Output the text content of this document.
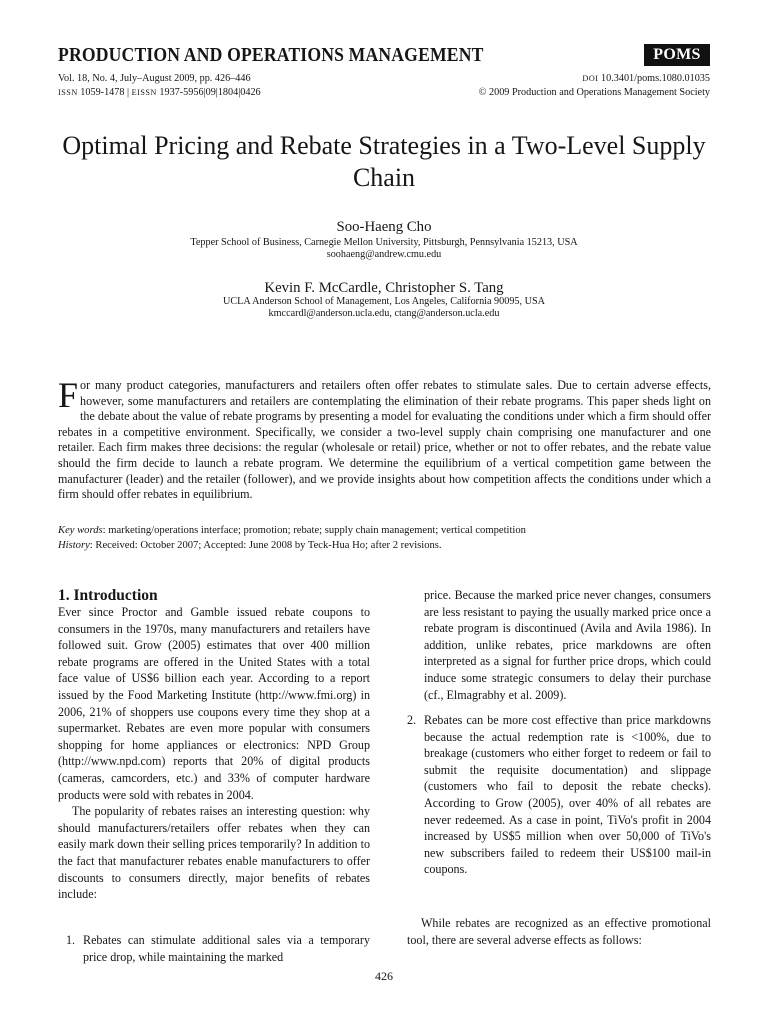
PRODUCTION AND OPERATIONS MANAGEMENT	POMS
Vol. 18, No. 4, July–August 2009, pp. 426–446
ISSN 1059-1478 | EISSN 1937-5956|09|1804|0426
DOI 10.3401/poms.1080.01035
© 2009 Production and Operations Management Society
Optimal Pricing and Rebate Strategies in a Two-Level Supply Chain
Soo-Haeng Cho
Tepper School of Business, Carnegie Mellon University, Pittsburgh, Pennsylvania 15213, USA
soohaeng@andrew.cmu.edu
Kevin F. McCardle, Christopher S. Tang
UCLA Anderson School of Management, Los Angeles, California 90095, USA
kmccardl@anderson.ucla.edu, ctang@anderson.ucla.edu
For many product categories, manufacturers and retailers often offer rebates to stimulate sales. Due to certain adverse effects, however, some manufacturers and retailers are contemplating the elimination of their rebate programs. This paper sheds light on the debate about the value of rebate programs by presenting a model for evaluating the conditions under which a firm should offer rebates in a competitive environment. Specifically, we consider a two-level supply chain comprising one manufacturer and one retailer. Each firm makes three decisions: the regular (wholesale or retail) price, whether or not to offer rebates, and the rebate value should the firm decide to launch a rebate program. We determine the equilibrium of a vertical competition game between the manufacturer (leader) and the retailer (follower), and we provide insights about how competition affects the conditions under which a firm should offer rebates in equilibrium.
Key words: marketing/operations interface; promotion; rebate; supply chain management; vertical competition
History: Received: October 2007; Accepted: June 2008 by Teck-Hua Ho; after 2 revisions.
1. Introduction

Ever since Proctor and Gamble issued rebate coupons to consumers in the 1970s, many manufacturers and retailers have followed suit. Grow (2005) estimates that over 400 million rebate programs are offered in the United States with a total face value of US$6 billion each year. According to a report issued by the Food Marketing Institute (http://www.fmi.org) in 2006, 21% of shoppers use coupons every time they shop at a supermarket. Rebates are even more popular with consumers shopping for home appliances or electronics: NPD Group (http://www.npd.com) reports that 20% of digital products (cameras, camcorders, etc.) and 33% of computer hardware products were sold with rebates in 2004.

The popularity of rebates raises an interesting question: why should manufacturers/retailers offer rebates when they can easily mark down their selling prices temporarily? In addition to the fact that manufacturer rebates enable manufacturers to offer discounts to consumers directly, major benefits of rebates include:

1. Rebates can stimulate additional sales via a temporary price drop, while maintaining the marked
price. Because the marked price never changes, consumers are less resistant to paying the usually marked price once a rebate program is discontinued (Avila and Avila 1986). In addition, unlike rebates, price markdowns are often interpreted as a signal for further price drops, which could induce some strategic consumers to delay their purchase (cf., Elmagrabhy et al. 2009).
2. Rebates can be more cost effective than price markdowns because the actual redemption rate is <100%, due to breakage (customers who either forget to redeem or fail to submit the requisite documentation) and slippage (customers who fail to deposit the rebate checks). According to Grow (2005), over 40% of all rebates are never redeemed. As a case in point, TiVo's profit in 2004 increased by US$5 million when over 50,000 of TiVo's new subscribers failed to redeem their US$100 mail-in coupons.
While rebates are recognized as an effective promotional tool, there are several adverse effects as follows:
426
